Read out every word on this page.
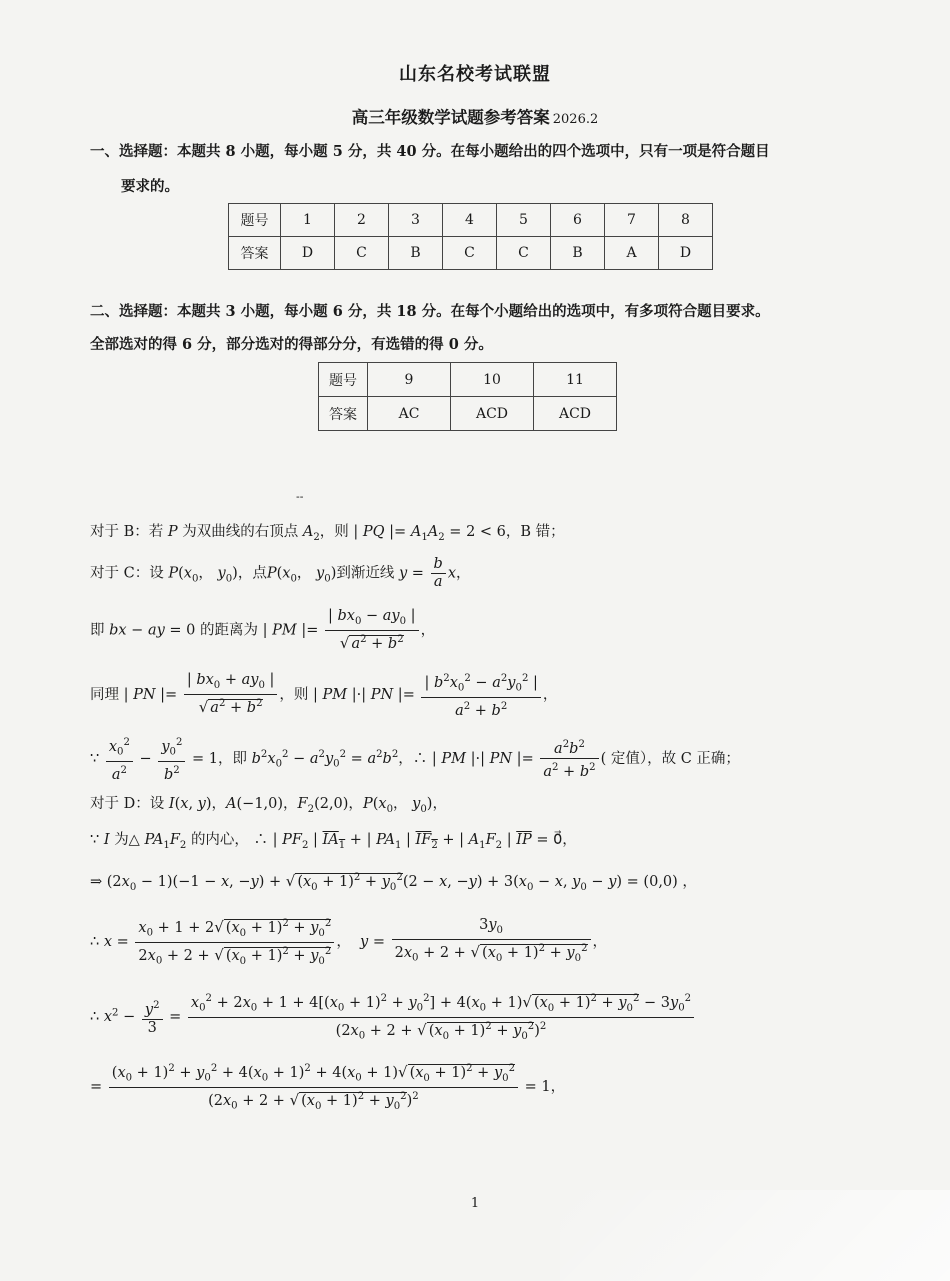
山东名校考试联盟
高三年级数学试题参考答案 2026.2
一、选择题：本题共 8 小题，每小题 5 分，共 40 分。在每小题给出的四个选项中，只有一项是符合题目
要求的。
题号	1	2	3	4	5	6	7	8
答案	D	C	B	C	C	B	A	D
二、选择题：本题共 3 小题，每小题 6 分，共 18 分。在每个小题给出的选项中，有多项符合题目要求。
全部选对的得 6 分，部分选对的得部分分，有选错的得 0 分。
题号	9	10	11
答案	AC	ACD	ACD
--
对于 B：若 P 为双曲线的右顶点 $A_2$，则 | PQ |= $A_1A_2 = 2 < 6$，B 错；
对于 C：设 $P(x_0$， $y_0$)，点$P(x_0$， $y_0$)到渐近线 $y = \frac{b}{a}$ x，
即 bx − ay = 0 的距离为 | PM |= $\frac{| bx_0 - ay_0 |}{√ a^2 + b^2}$ ，
同理 | PN |= $\frac{| bx_0 + ay_0 |}{√ a^2 + b^2}$ ，则 | PM |·| PN |= $\frac{| b^2x_0^2 - a^2y_0^2 |}{a^2 + b^2}$ ，
∵ $\frac{x_0^2}{a^2} - \frac{y_0^2}{b^2} = 1$，即 $b^2x_0^2 - a^2y_0^2 = a^2b^2$，∴ | PM |·| PN |= $\frac{a^2b^2}{a^2 + b^2}$ ( 定值），故 C 正确；
对于 D：设 I(x, y)，A(−1,0)，$F_2(2,0)$，$P(x_0$， $y_0$)，
∵ I 为△ $PA_1F_2$ 的内心， ∴ | $PF_2$ | $IA_1$ + | $PA_1$ | $IF_2$ + | $A_1F_2$ | $\overline{IP}$ = 0⃗，
⇒ $(2x_0 - 1)(-1 - x$, −y) + √ $(x_0 + 1)^2 + y_0^2(2 - x$, $-y) + 3(x_0 - x$, $y_0 - y) = (0,0)$ ，
∴ $x = \frac{x_0 + 1 + 2√ (x_0 + 1)^2 + y_0^2}{2x_0 + 2 + √ (x_0 + 1)^2 + y_0^2}$ ，  $y = \frac{3y_0}{2x_0 + 2 + √ (x_0 + 1)^2 + y_0^2}$ ，
∴ $x^2 - \frac{y^2}{3}$ =
$x_0^2 + 2x_0 + 1 + 4[(x_0 + 1)^2 + y_0^2] + 4(x_0 + 1)√$ $(x_0 + 1)^2 + y_0^2 - 3y_0^2$
($2x_0 + 2$ + √ $(x_0 + 1)^2 + y_0^2)^2$
= $\frac{(x_0 + 1)^2 + y_0^2 + 4(x_0 + 1)^2 + 4(x_0 + 1)√ (x_0 + 1)^2 + y_0^2}{(2x_0 + 2 + √ (x_0 + 1)^2 + y_0^2)^2} = 1$，
1
